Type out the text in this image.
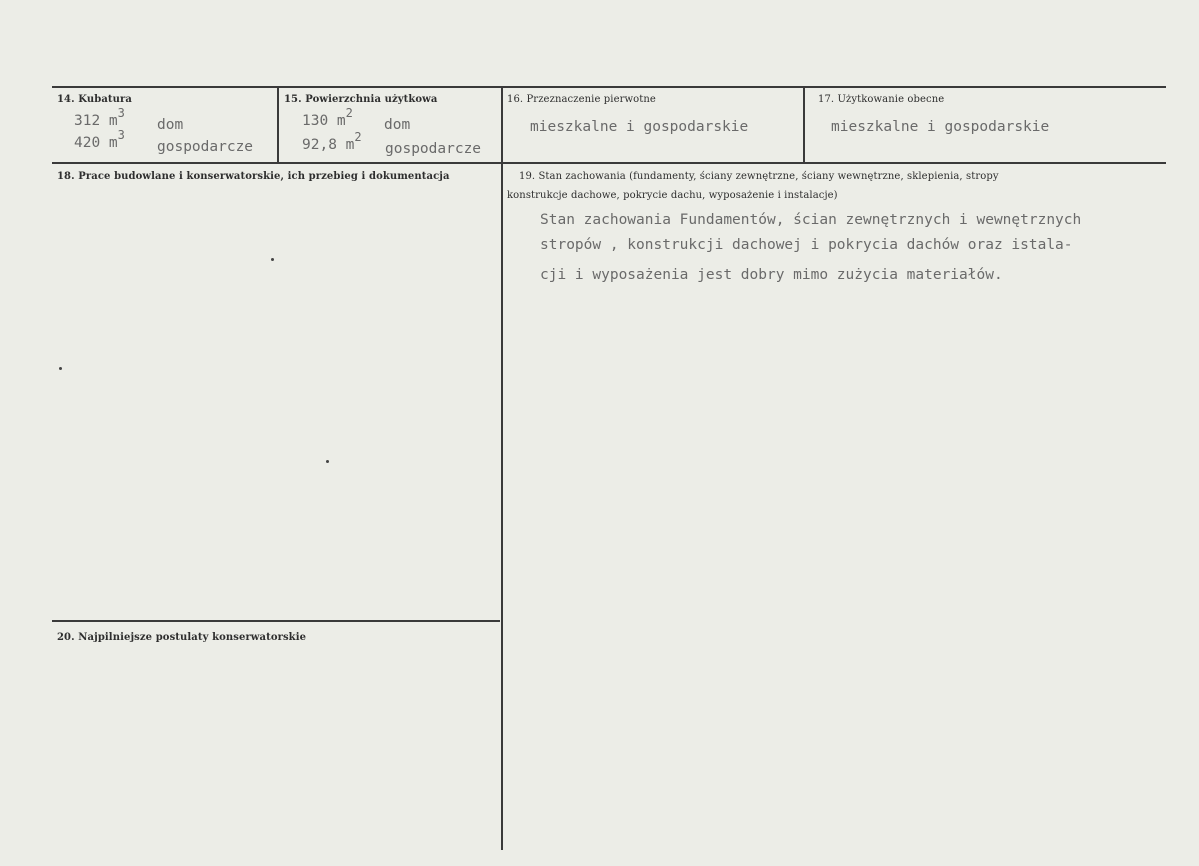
14. Kubatura
312 $m^3$
dom
420 $m^3$
gospodarcze
15. Powierzchnia użytkowa
130 $m^2$
dom
92,8 $m^2$
gospodarcze
16. Przeznaczenie pierwotne
mieszkalne i gospodarskie
17. Użytkowanie obecne
mieszkalne i gospodarskie
18. Prace budowlane i konserwatorskie, ich przebieg i dokumentacja	19. Stan zachowania (fundamenty, ściany zewnętrzne, ściany wewnętrzne, sklepienia, stropy
konstrukcje dachowe, pokrycie dachu, wyposażenie i instalacje)
Stan zachowania Fundamentów, ścian zewnętrznych i wewnętrznych
stropów , konstrukcji dachowej i pokrycia dachów oraz istala-
cji i wyposażenia jest dobry mimo zużycia materiałów.
20. Najpilniejsze postulaty konserwatorskie
